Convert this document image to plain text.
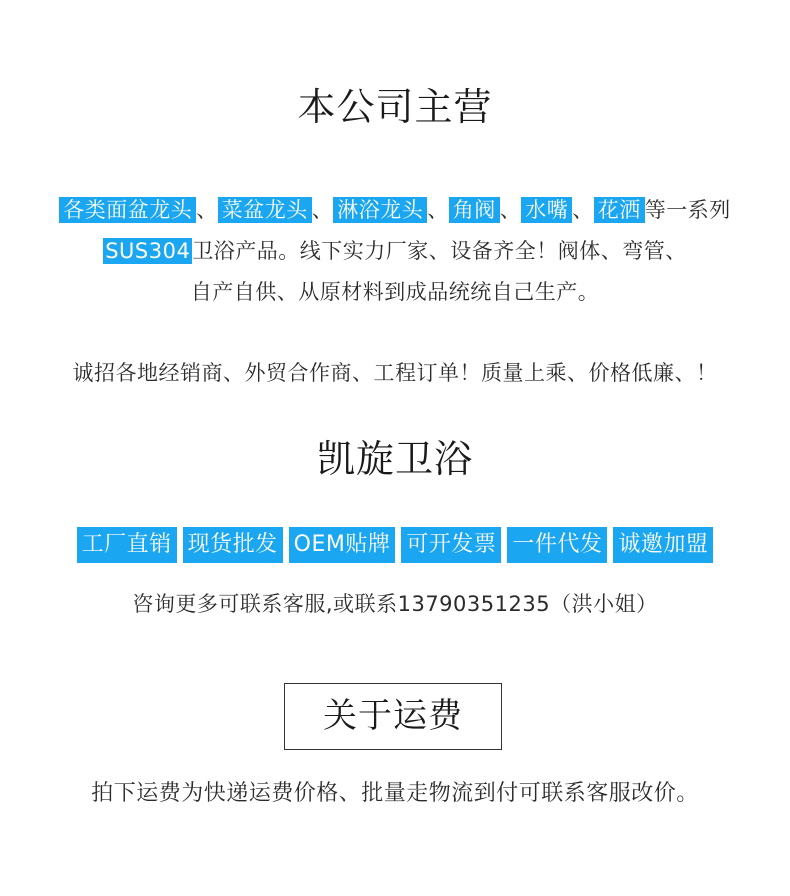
本公司主营
各类面盆龙头 、 菜盆龙头 、 淋浴龙头 、 角阀 、 水嘴 、 花洒 等一系列
SUS304卫浴产品。线下实力厂家、设备齐全！阀体、弯管、
自产自供、从原材料到成品统统自己生产。
诚招各地经销商、外贸合作商、工程订单！质量上乘、价格低廉、！
凯旋卫浴
工厂直销 现货批发 OEM贴牌 可开发票 一件代发 诚邀加盟
咨询更多可联系客服,或联系13790351235（洪小姐）
关于运费
拍下运费为快递运费价格、批量走物流到付可联系客服改价。
